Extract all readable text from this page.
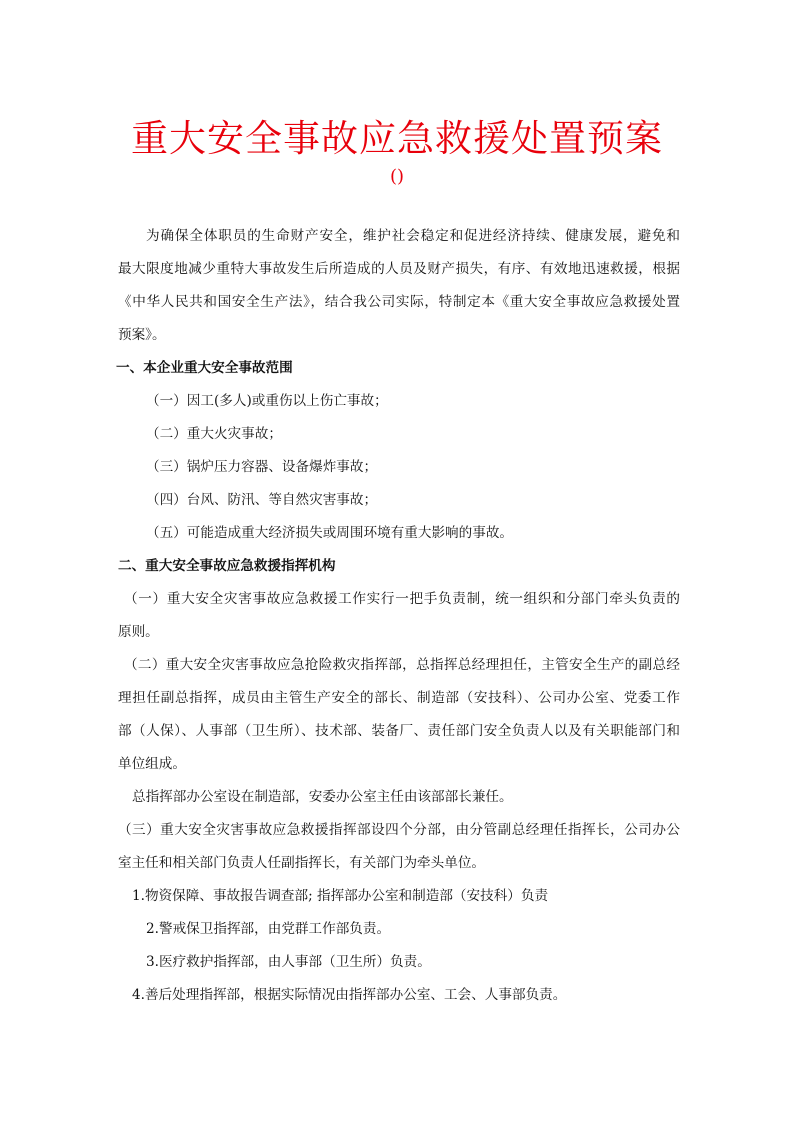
重大安全事故应急救援处置预案
()
为确保全体职员的生命财产安全，维护社会稳定和促进经济持续、健康发展，避免和
最大限度地减少重特大事故发生后所造成的人员及财产损失，有序、有效地迅速救援，根据
《中华人民共和国安全生产法》，结合我公司实际，特制定本《重大安全事故应急救援处置
预案》。
一、本企业重大安全事故范围
（一）因工(多人)或重伤以上伤亡事故；
（二）重大火灾事故；
（三）锅炉压力容器、设备爆炸事故；
（四）台风、防汛、等自然灾害事故；
（五）可能造成重大经济损失或周围环境有重大影响的事故。
二、重大安全事故应急救援指挥机构
（一）重大安全灾害事故应急救援工作实行一把手负责制，统一组织和分部门牵头负责的
原则。
（二）重大安全灾害事故应急抢险救灾指挥部，总指挥总经理担任，主管安全生产的副总经
理担任副总指挥，成员由主管生产安全的部长、制造部（安技科）、公司办公室、党委工作
部（人保）、人事部（卫生所）、技术部、装备厂、责任部门安全负责人以及有关职能部门和
单位组成。
总指挥部办公室设在制造部，安委办公室主任由该部部长兼任。
（三）重大安全灾害事故应急救援指挥部设四个分部，由分管副总经理任指挥长，公司办公
室主任和相关部门负责人任副指挥长，有关部门为牵头单位。
1.物资保障、事故报告调查部; 指挥部办公室和制造部（安技科）负责
2.警戒保卫指挥部，由党群工作部负责。
3.医疗救护指挥部，由人事部（卫生所）负责。
4.善后处理指挥部，根据实际情况由指挥部办公室、工会、人事部负责。
